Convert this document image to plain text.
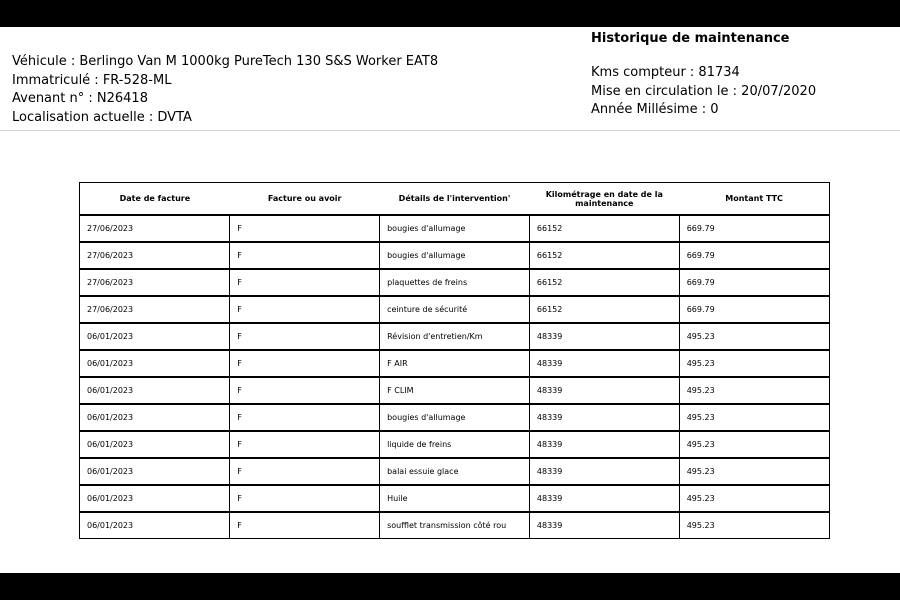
Historique de maintenance
Véhicule : Berlingo Van M 1000kg PureTech 130 S&S Worker EAT8
Immatriculé : FR-528-ML
Avenant n° : N26418
Localisation actuelle : DVTA
Kms compteur : 81734
Mise en circulation le : 20/07/2020
Année Millésime : 0
Date de facture	Facture ou avoir	Détails de l'intervention'	Kilométrage en date de la maintenance	Montant TTC
27/06/2023	F	bougies d'allumage	66152	669.79
27/06/2023	F	bougies d'allumage	66152	669.79
27/06/2023	F	plaquettes de freins	66152	669.79
27/06/2023	F	ceinture de sécurité	66152	669.79
06/01/2023	F	Révision d'entretien/Km	48339	495.23
06/01/2023	F	F AIR	48339	495.23
06/01/2023	F	F CLIM	48339	495.23
06/01/2023	F	bougies d'allumage	48339	495.23
06/01/2023	F	liquide de freins	48339	495.23
06/01/2023	F	balai essuie glace	48339	495.23
06/01/2023	F	Huile	48339	495.23
06/01/2023	F	soufflet transmission côté rou	48339	495.23
